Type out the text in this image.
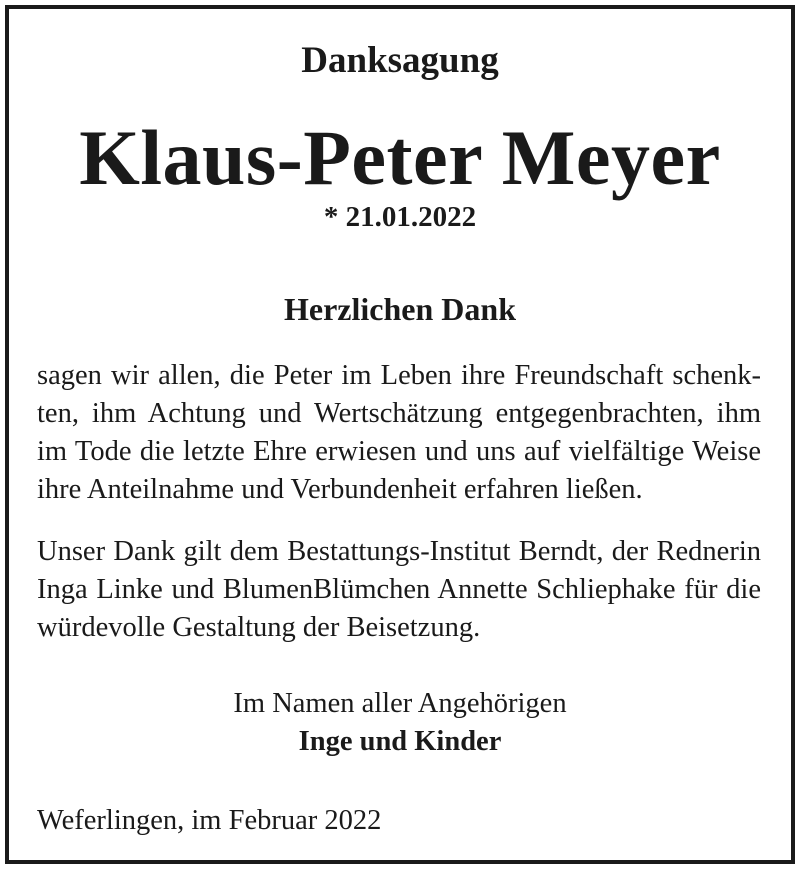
Danksagung
Klaus-Peter Meyer
* 21.01.2022
Herzlichen Dank
sagen wir allen, die Peter im Leben ihre Freundschaft schenk-
ten, ihm Achtung und Wertschätzung entgegenbrachten, ihm
im Tode die letzte Ehre erwiesen und uns auf vielfältige Weise
ihre Anteilnahme und Verbundenheit erfahren ließen.
Unser Dank gilt dem Bestattungs-Institut Berndt, der Rednerin
Inga Linke und BlumenBlümchen Annette Schliephake für die
würdevolle Gestaltung der Beisetzung.
Im Namen aller Angehörigen
Inge und Kinder
Weferlingen, im Februar 2022
